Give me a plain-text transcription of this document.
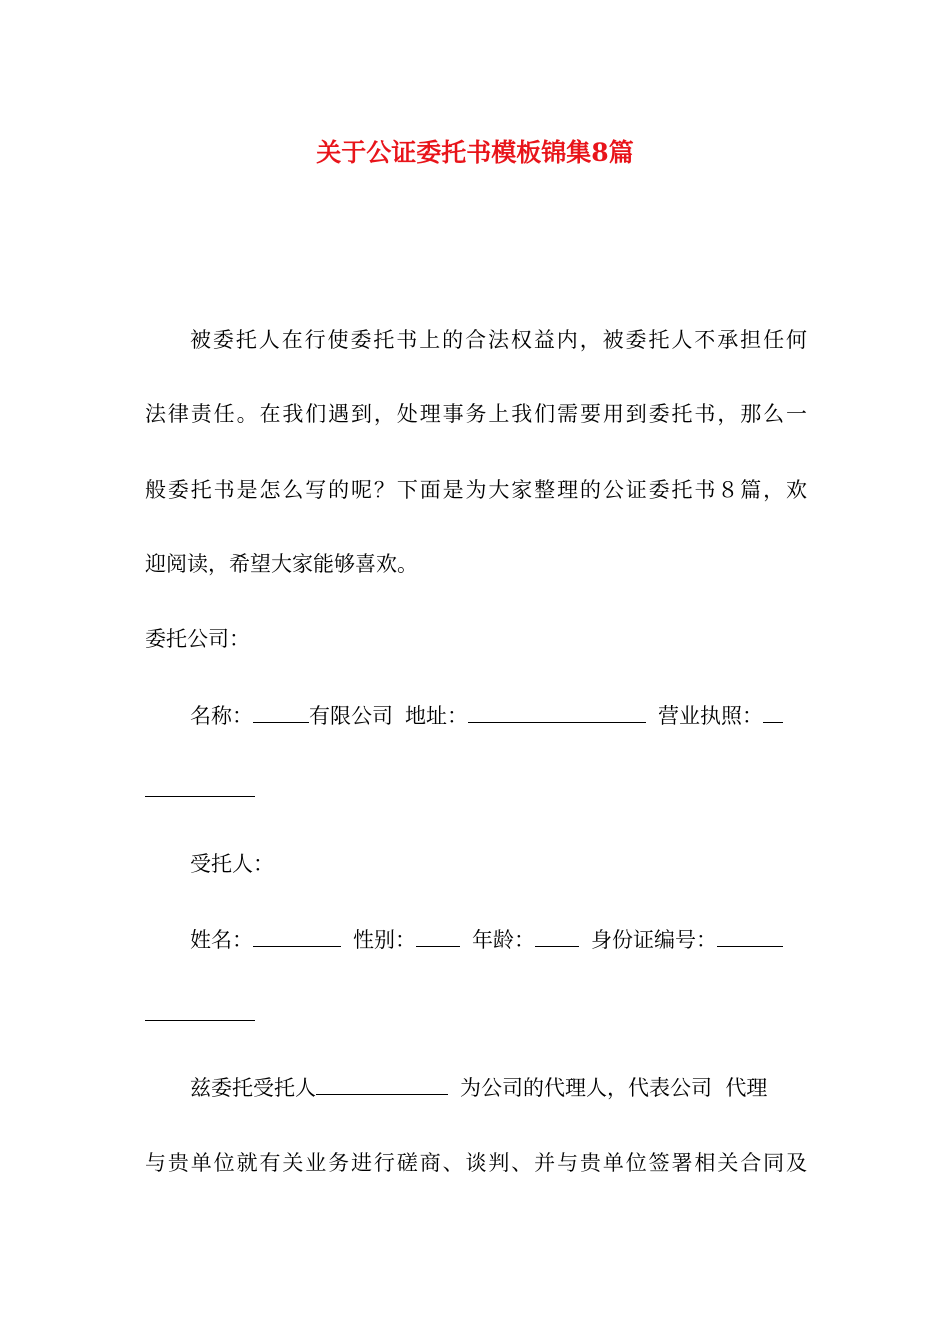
关于公证委托书模板锦集8篇

被委托人在行使委托书上的合法权益内，被委托人不承担任何

法律责任。在我们遇到，处理事务上我们需要用到委托书，那么一

般委托书是怎么写的呢？下面是为大家整理的公证委托书８篇，欢

迎阅读，希望大家能够喜欢。

委托公司：

名称：	有限公司 地址：	营业执照：

受托人：

姓名：	性别：	年龄：	身份证编号：
兹委托受托人	为公司的代理人，代表公司  代理

与贵单位就有关业务进行磋商、谈判、并与贵单位签署相关合同及
